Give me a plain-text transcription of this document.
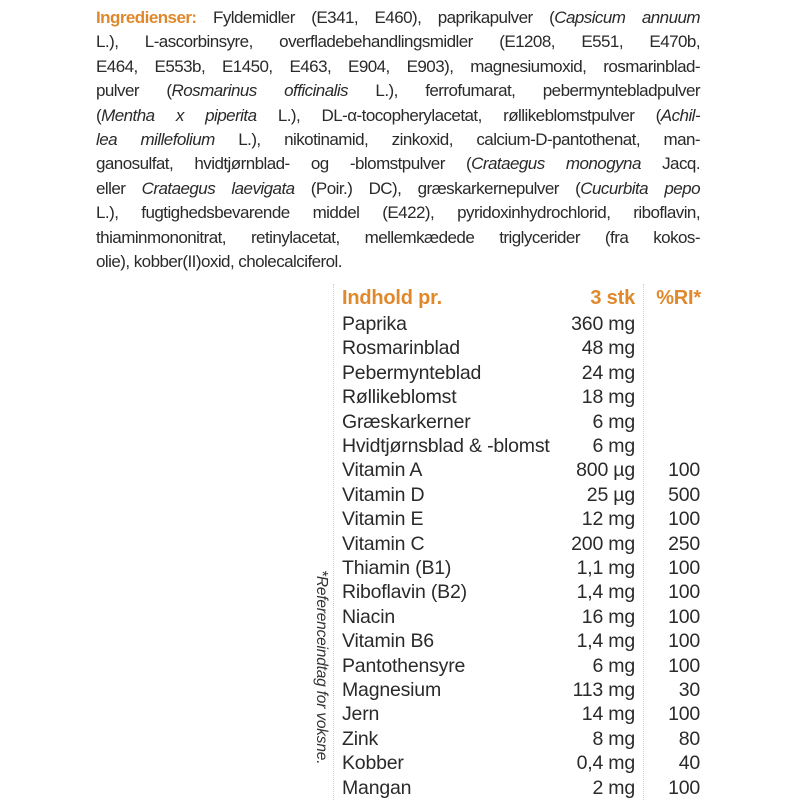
Ingredienser: Fyldemidler (E341, E460), paprikapulver (Capsicum annuum
L.), L-ascorbinsyre, overfladebehandlingsmidler (E1208, E551, E470b,
E464, E553b, E1450, E463, E904, E903), magnesiumoxid, rosmarinblad-
pulver (Rosmarinus officinalis L.), ferrofumarat, pebermyntebladpulver
(Mentha x piperita L.), DL-α-tocopherylacetat, røllikeblomstpulver (Achil-
lea millefolium L.), nikotinamid, zinkoxid, calcium-D-pantothenat, man-
ganosulfat, hvidtjørnblad- og -blomstpulver (Crataegus monogyna Jacq.
eller Crataegus laevigata (Poir.) DC), græskarkernepulver (Cucurbita pepo
L.), fugtighedsbevarende middel (E422), pyridoxinhydrochlorid, riboflavin,
thiaminmononitrat, retinylacetat, mellemkædede triglycerider (fra kokos-
olie), kobber(II)oxid, cholecalciferol.
Indhold pr.	3 stk %RI*
Paprika	360 mg
Rosmarinblad	48 mg
Pebermynteblad	24 mg
Røllikeblomst	18 mg
Græskarkerner	6 mg
Hvidtjørnsblad & -blomst 6 mg
Vitamin A	800 µg 100
Vitamin D	25 µg 500
Vitamin E	12 mg 100
Vitamin C	200 mg 250
Thiamin (B1)	1,1 mg 100
Riboflavin (B2)	1,4 mg 100
Niacin	16 mg 100
Vitamin B6	1,4 mg 100
Pantothensyre	6 mg 100
Magnesium	113 mg 30
Jern	14 mg 100
Zink	8 mg 80
Kobber	0,4 mg 40
Mangan	2 mg 100
*Referenceindtag for voksne.
